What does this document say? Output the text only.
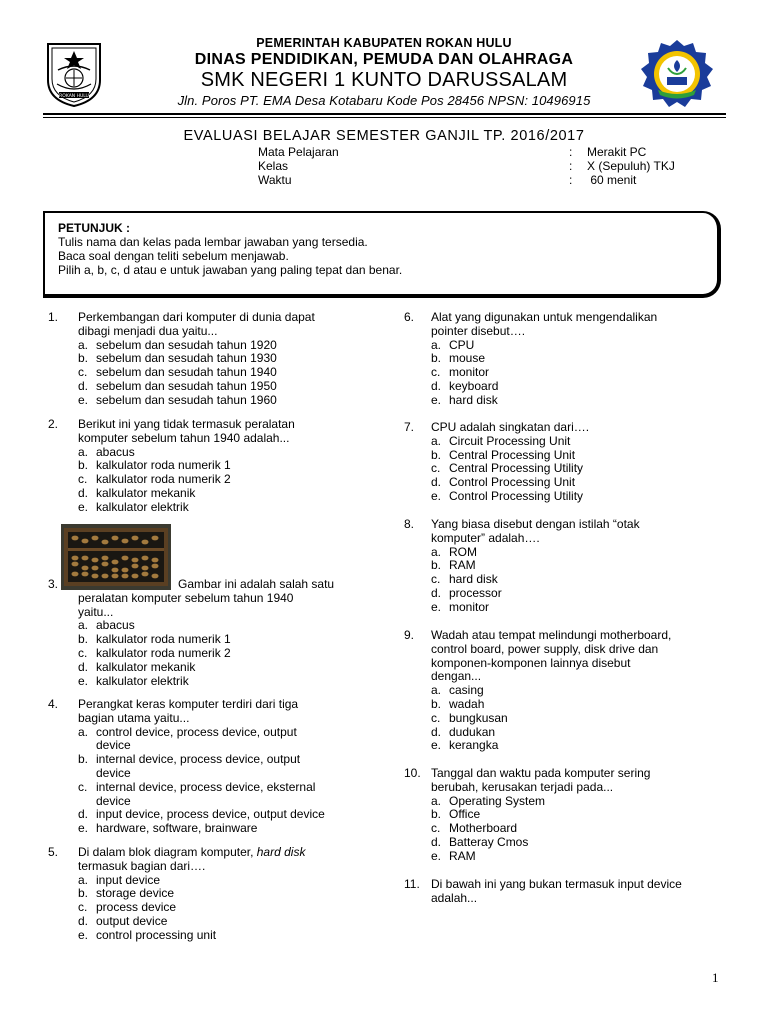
ROKAN HULU
PEMERINTAH KABUPATEN ROKAN HULU
DINAS PENDIDIKAN, PEMUDA DAN OLAHRAGA
SMK NEGERI 1 KUNTO DARUSSALAM
Jln. Poros PT. EMA Desa Kotabaru Kode Pos 28456 NPSN: 10496915
EVALUASI BELAJAR SEMESTER GANJIL TP. 2016/2017
Mata Pelajaran	: Merakit PC
Kelas	: X (Sepuluh) TKJ
Waktu	: 60 menit
PETUNJUK :
Tulis nama dan kelas pada lembar jawaban yang tersedia.
Baca soal dengan teliti sebelum menjawab.
Pilih a, b, c, d atau e untuk jawaban yang paling tepat dan benar.
1. Perkembangan dari komputer di dunia dapat
dibagi menjadi dua yaitu...
a. sebelum dan sesudah tahun 1920
b. sebelum dan sesudah tahun 1930
c. sebelum dan sesudah tahun 1940
d. sebelum dan sesudah tahun 1950
e. sebelum dan sesudah tahun 1960
2. Berikut ini yang tidak termasuk peralatan
komputer sebelum tahun 1940 adalah...
a. abacus
b. kalkulator roda numerik 1
c. kalkulator roda numerik 2
d. kalkulator mekanik
e. kalkulator elektrik
3.	Gambar ini adalah salah satu
peralatan komputer sebelum tahun 1940
yaitu...
a. abacus
b. kalkulator roda numerik 1
c. kalkulator roda numerik 2
d. kalkulator mekanik
e. kalkulator elektrik
4. Perangkat keras komputer terdiri dari tiga
bagian utama yaitu...
a. control device, process device, output
device
b. internal device, process device, output
device
c. internal device, process device, eksternal
device
d. input device, process device, output device
e. hardware, software, brainware
5. Di dalam blok diagram komputer, hard disk
termasuk bagian dari….
a. input device
b. storage device
c. process device
d. output device
e. control processing unit
6. Alat yang digunakan untuk mengendalikan
pointer disebut….
a. CPU
b. mouse
c. monitor
d. keyboard
e. hard disk
7. CPU adalah singkatan dari….
a. Circuit Processing Unit
b. Central Processing Unit
c. Central Processing Utility
d. Control Processing Unit
e. Control Processing Utility
8. Yang biasa disebut dengan istilah “otak
komputer” adalah….
a. ROM
b. RAM
c. hard disk
d. processor
e. monitor
9. Wadah atau tempat melindungi motherboard,
control board, power supply, disk drive dan
komponen-komponen lainnya disebut
dengan...
a. casing
b. wadah
c. bungkusan
d. dudukan
e. kerangka
10. Tanggal dan waktu pada komputer sering
berubah, kerusakan terjadi pada...
a. Operating System
b. Office
c. Motherboard
d. Batteray Cmos
e. RAM
11. Di bawah ini yang bukan termasuk input device
adalah...
1
